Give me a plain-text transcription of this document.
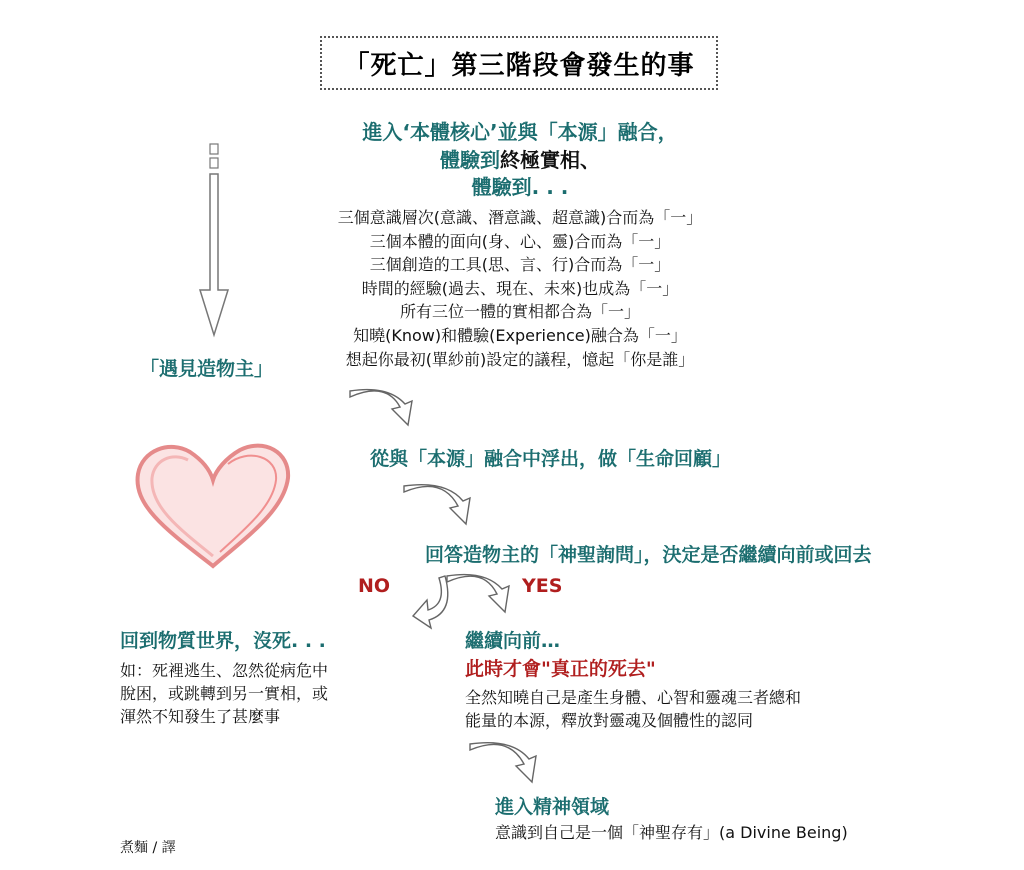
「死亡」第三階段會發生的事
進入‘本體核心’並與「本源」融合，
體驗到終極實相、
體驗到. . .
三個意識層次(意識、潛意識、超意識)合而為「一」
三個本體的面向(身、心、靈)合而為「一」
三個創造的工具(思、言、行)合而為「一」
時間的經驗(過去、現在、未來)也成為「一」
所有三位一體的實相都合為「一」
知曉(Know)和體驗(Experience)融合為「一」
想起你最初(單紗前)設定的議程，憶起「你是誰」
「遇見造物主」
從與「本源」融合中浮出，做「生命回顧」
回答造物主的「神聖詢問」，決定是否繼續向前或回去
NO	YES
回到物質世界，沒死. . .
如：死裡逃生、忽然從病危中
脫困，或跳轉到另一實相，或
渾然不知發生了甚麼事
繼續向前…
此時才會"真正的死去"
全然知曉自己是產生身體、心智和靈魂三者總和
能量的本源，釋放對靈魂及個體性的認同
進入精神領域
意識到自己是一個「神聖存有」(a Divine Being)
煮麵 / 譯
